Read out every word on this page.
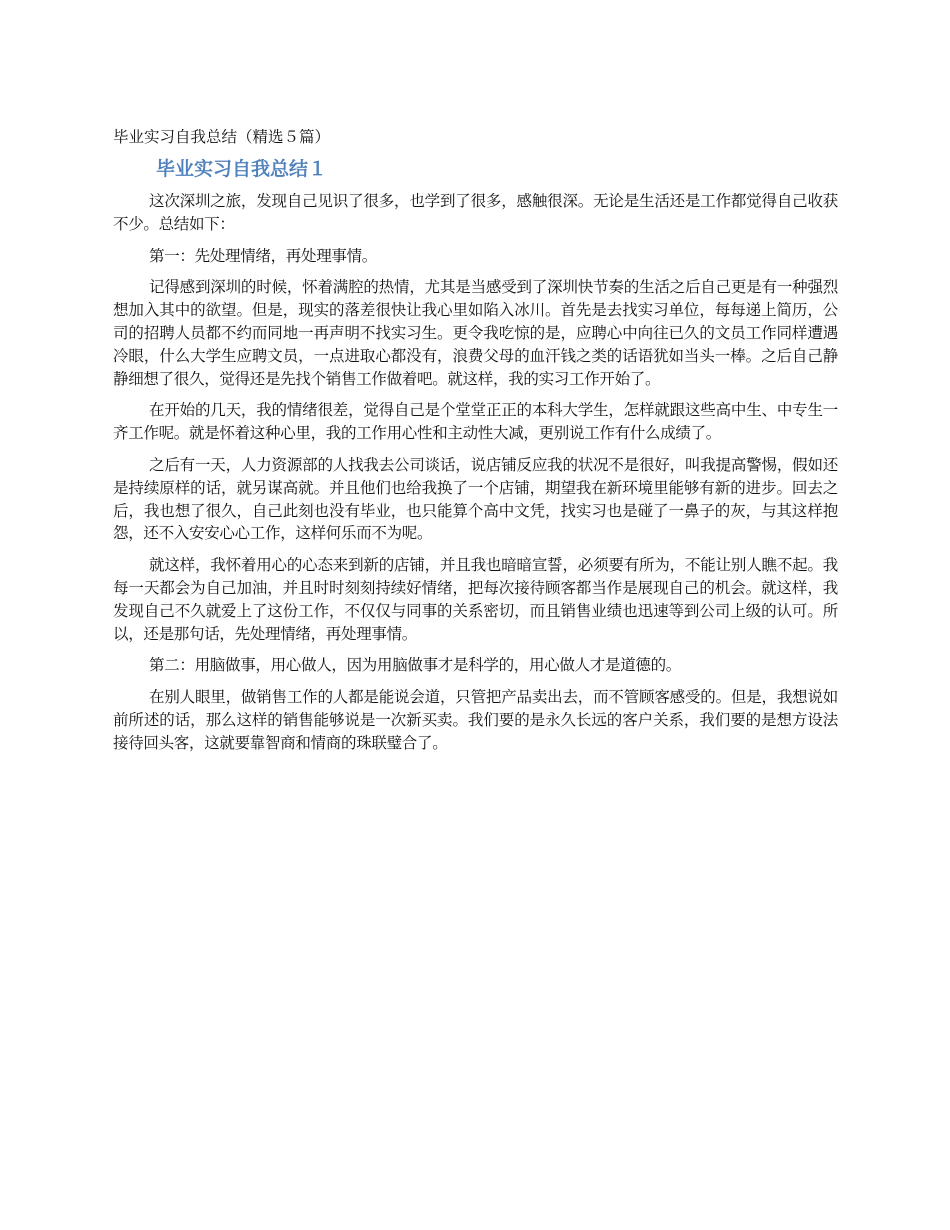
毕业实习自我总结（精选５篇）
毕业实习自我总结１

这次深圳之旅，发现自己见识了很多，也学到了很多，感触很深。无论是生活还是工作都觉得自己收获不少。总结如下：

第一：先处理情绪，再处理事情。

记得感到深圳的时候，怀着满腔的热情，尤其是当感受到了深圳快节奏的生活之后自己更是有一种强烈想加入其中的欲望。但是，现实的落差很快让我心里如陷入冰川。首先是去找实习单位，每每递上简历，公司的招聘人员都不约而同地一再声明不找实习生。更令我吃惊的是，应聘心中向往已久的文员工作同样遭遇冷眼，什么大学生应聘文员，一点进取心都没有，浪费父母的血汗钱之类的话语犹如当头一棒。之后自己静静细想了很久，觉得还是先找个销售工作做着吧。就这样，我的实习工作开始了。

在开始的几天，我的情绪很差，觉得自己是个堂堂正正的本科大学生，怎样就跟这些高中生、中专生一齐工作呢。就是怀着这种心里，我的工作用心性和主动性大减，更别说工作有什么成绩了。

之后有一天，人力资源部的人找我去公司谈话，说店铺反应我的状况不是很好，叫我提高警惕，假如还是持续原样的话，就另谋高就。并且他们也给我换了一个店铺，期望我在新环境里能够有新的进步。回去之后，我也想了很久，自己此刻也没有毕业，也只能算个高中文凭，找实习也是碰了一鼻子的灰，与其这样抱怨，还不入安安心心工作，这样何乐而不为呢。

就这样，我怀着用心的心态来到新的店铺，并且我也暗暗宣誓，必须要有所为，不能让别人瞧不起。我每一天都会为自己加油，并且时时刻刻持续好情绪，把每次接待顾客都当作是展现自己的机会。就这样，我发现自己不久就爱上了这份工作，不仅仅与同事的关系密切，而且销售业绩也迅速等到公司上级的认可。所以，还是那句话，先处理情绪，再处理事情。

第二：用脑做事，用心做人，因为用脑做事才是科学的，用心做人才是道德的。

在别人眼里，做销售工作的人都是能说会道，只管把产品卖出去，而不管顾客感受的。但是，我想说如前所述的话，那么这样的销售能够说是一次新买卖。我们要的是永久长远的客户关系，我们要的是想方设法接待回头客，这就要靠智商和情商的珠联璧合了。
